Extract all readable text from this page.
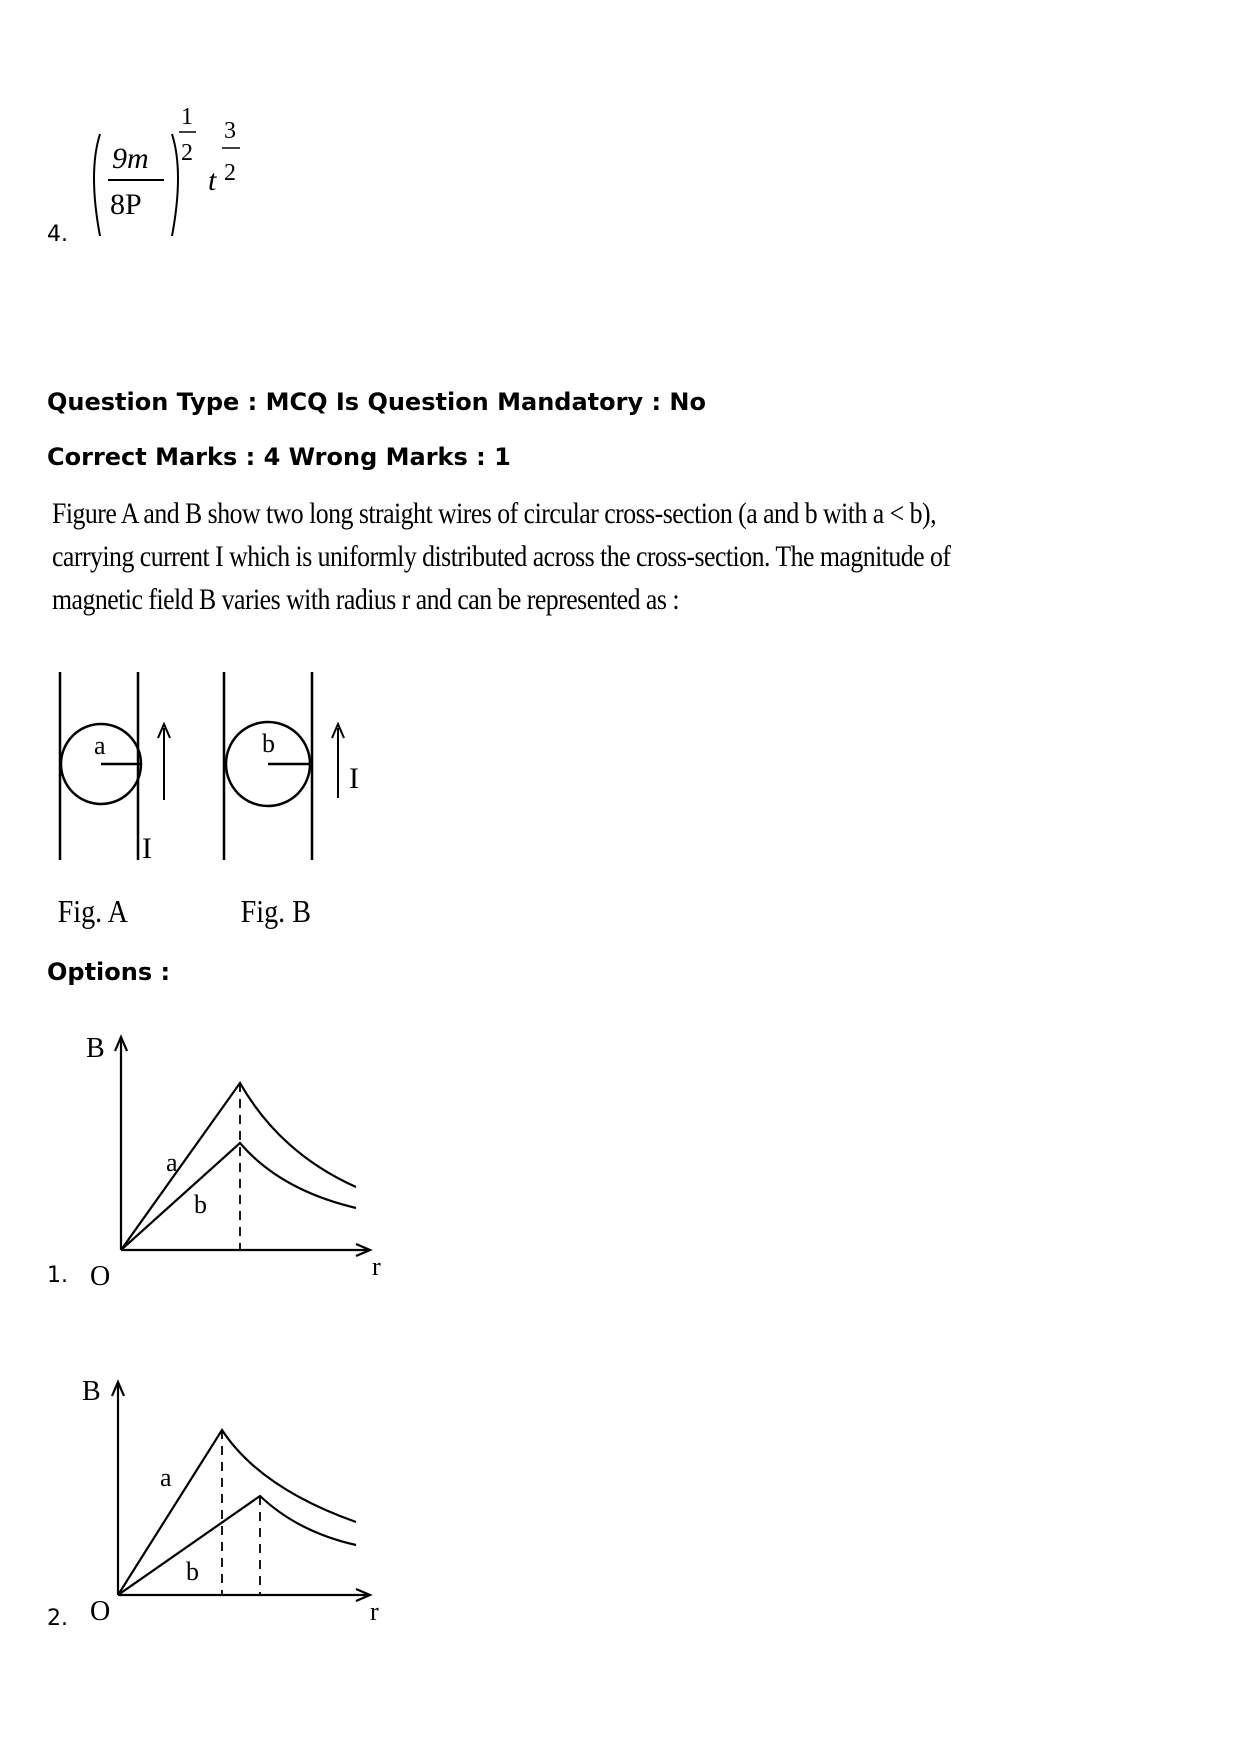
4.
9m
8P
1
2
t
3
2
Question Type : MCQ Is Question Mandatory : No
Correct Marks : 4 Wrong Marks : 1
Figure A and B show two long straight wires of circular cross-section (a and b with a < b),
carrying current I which is uniformly distributed across the cross-section. The magnitude of
magnetic field B varies with radius r and can be represented as :
a
I
Fig. A
b
I
Fig. B
Options :
1.
B
r
O
a
b
2.
B
r
O
a
b
